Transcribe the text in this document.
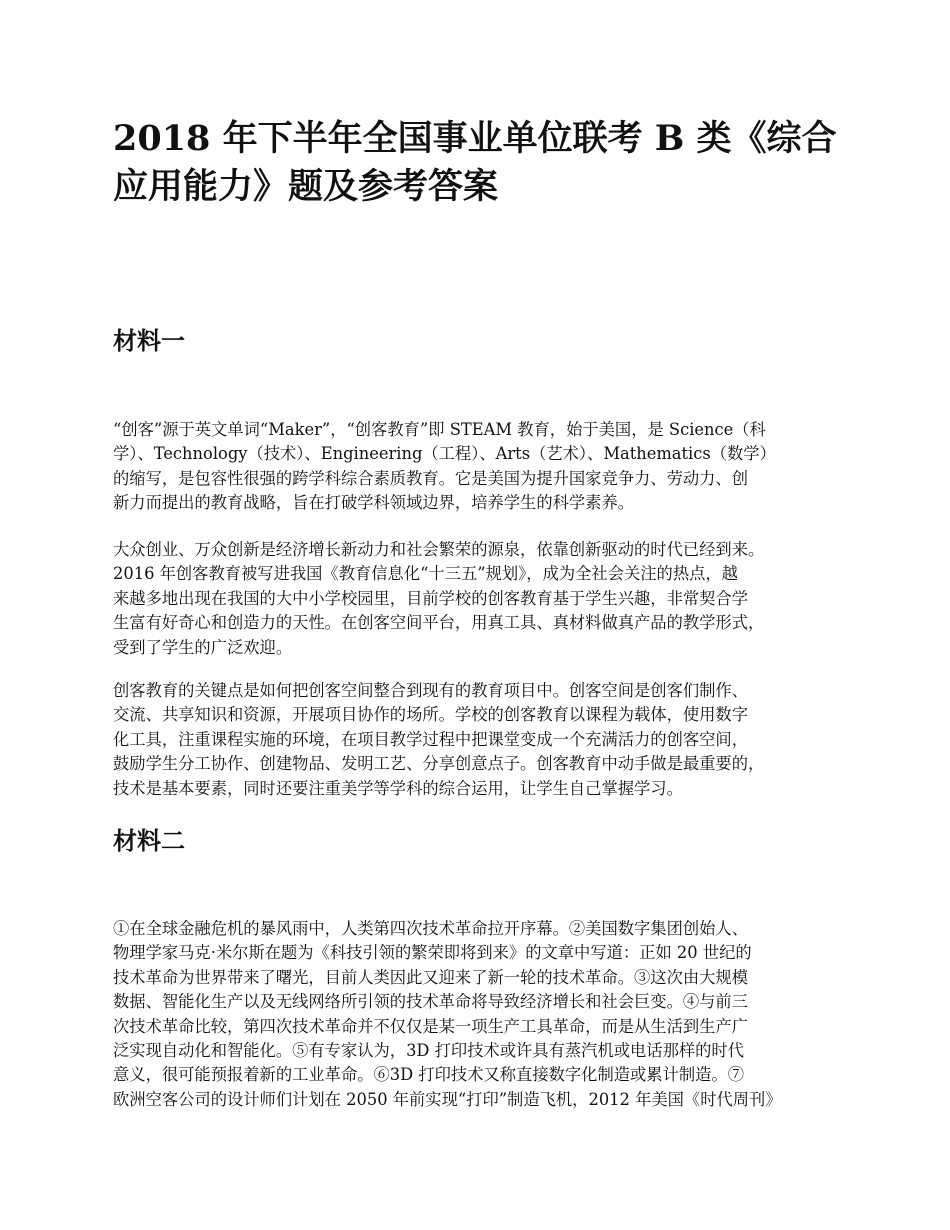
2018 年下半年全国事业单位联考 B 类《综合
应用能力》题及参考答案
材料一
“创客”源于英文单词“Maker”，“创客教育”即 STEAM 教育，始于美国，是 Science（科
学）、Technology（技术）、Engineering（工程）、Arts（艺术）、Mathematics（数学）
的缩写，是包容性很强的跨学科综合素质教育。它是美国为提升国家竞争力、劳动力、创
新力而提出的教育战略，旨在打破学科领域边界，培养学生的科学素养。
大众创业、万众创新是经济增长新动力和社会繁荣的源泉，依靠创新驱动的时代已经到来。
2016 年创客教育被写进我国《教育信息化“十三五”规划》，成为全社会关注的热点，越
来越多地出现在我国的大中小学校园里，目前学校的创客教育基于学生兴趣，非常契合学
生富有好奇心和创造力的天性。在创客空间平台，用真工具、真材料做真产品的教学形式，
受到了学生的广泛欢迎。
创客教育的关键点是如何把创客空间整合到现有的教育项目中。创客空间是创客们制作、
交流、共享知识和资源，开展项目协作的场所。学校的创客教育以课程为载体，使用数字
化工具，注重课程实施的环境，在项目教学过程中把课堂变成一个充满活力的创客空间，
鼓励学生分工协作、创建物品、发明工艺、分享创意点子。创客教育中动手做是最重要的，
技术是基本要素，同时还要注重美学等学科的综合运用，让学生自己掌握学习。
材料二
①在全球金融危机的暴风雨中，人类第四次技术革命拉开序幕。②美国数字集团创始人、
物理学家马克·米尔斯在题为《科技引领的繁荣即将到来》的文章中写道：正如 20 世纪的
技术革命为世界带来了曙光，目前人类因此又迎来了新一轮的技术革命。③这次由大规模
数据、智能化生产以及无线网络所引领的技术革命将导致经济增长和社会巨变。④与前三
次技术革命比较，第四次技术革命并不仅仅是某一项生产工具革命，而是从生活到生产广
泛实现自动化和智能化。⑤有专家认为，3D 打印技术或许具有蒸汽机或电话那样的时代
意义，很可能预报着新的工业革命。⑥3D 打印技术又称直接数字化制造或累计制造。⑦
欧洲空客公司的设计师们计划在 2050 年前实现“打印”制造飞机，2012 年美国《时代周刊》
